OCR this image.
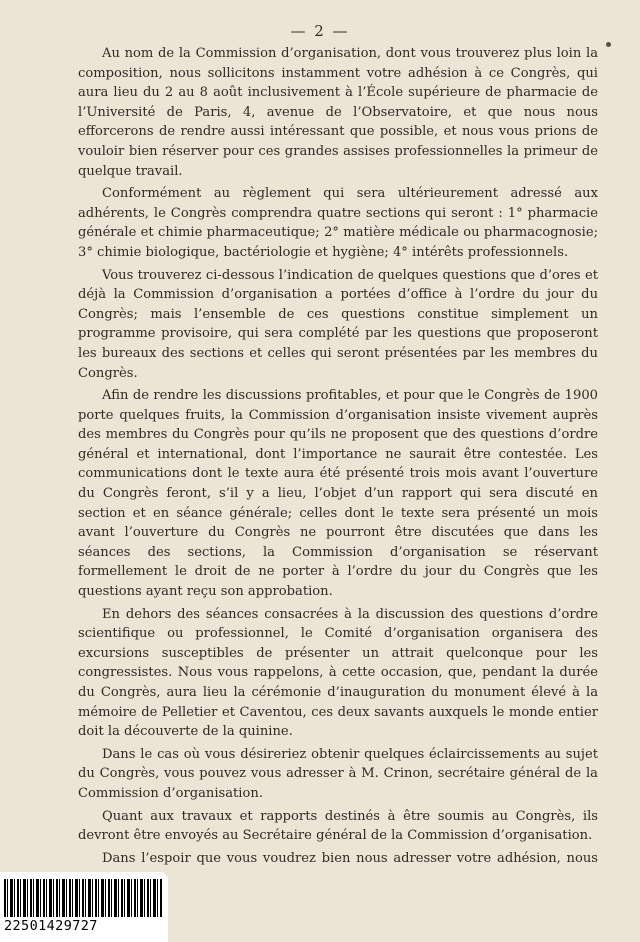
— 2 —

Au nom de la Commission d’organisation, dont vous trouverez plus loin la composition, nous sollicitons instamment votre adhésion à ce Congrès, qui aura lieu du 2 au 8 août inclusivement à l’École supérieure de pharmacie de l’Université de Paris, 4, avenue de l’Observatoire, et que nous nous efforcerons de rendre aussi intéressant que possible, et nous vous prions de vouloir bien réserver pour ces grandes assises professionnelles la primeur de quelque travail.

Conformément au règlement qui sera ultérieurement adressé aux adhérents, le Congrès comprendra quatre sections qui seront : 1° pharmacie générale et chimie pharmaceutique; 2° matière médicale ou pharmacognosie; 3° chimie biologique, bactériologie et hygiène; 4° intérêts professionnels.

Vous trouverez ci-dessous l’indication de quelques questions que d’ores et déjà la Commission d’organisation a portées d’office à l’ordre du jour du Congrès; mais l’ensemble de ces questions constitue simplement un programme provisoire, qui sera complété par les questions que proposeront les bureaux des sections et celles qui seront présentées par les membres du Congrès.

Afin de rendre les discussions profitables, et pour que le Congrès de 1900 porte quelques fruits, la Commission d’organisation insiste vivement auprès des membres du Congrès pour qu’ils ne proposent que des questions d’ordre général et international, dont l’importance ne saurait être contestée. Les communications dont le texte aura été présenté trois mois avant l’ouverture du Congrès feront, s’il y a lieu, l’objet d’un rapport qui sera discuté en section et en séance générale; celles dont le texte sera présenté un mois avant l’ouverture du Congrès ne pourront être discutées que dans les séances des sections, la Commission d’organisation se réservant formellement le droit de ne porter à l’ordre du jour du Congrès que les questions ayant reçu son approbation.

En dehors des séances consacrées à la discussion des questions d’ordre scientifique ou professionnel, le Comité d’organisation organisera des excursions susceptibles de présenter un attrait quelconque pour les congressistes. Nous vous rappelons, à cette occasion, que, pendant la durée du Congrès, aura lieu la cérémonie d’inauguration du monument élevé à la mémoire de Pelletier et Caventou, ces deux savants auxquels le monde entier doit la découverte de la quinine.

Dans le cas où vous désireriez obtenir quelques éclaircissements au sujet du Congrès, vous pouvez vous adresser à M. Crinon, secrétaire général de la Commission d’organisation.

Quant aux travaux et rapports destinés à être soumis au Congrès, ils devront être envoyés au Secrétaire général de la Commission d’organisation.

Dans l’espoir que vous voudrez bien nous adresser votre adhésion, nous

22501429727
